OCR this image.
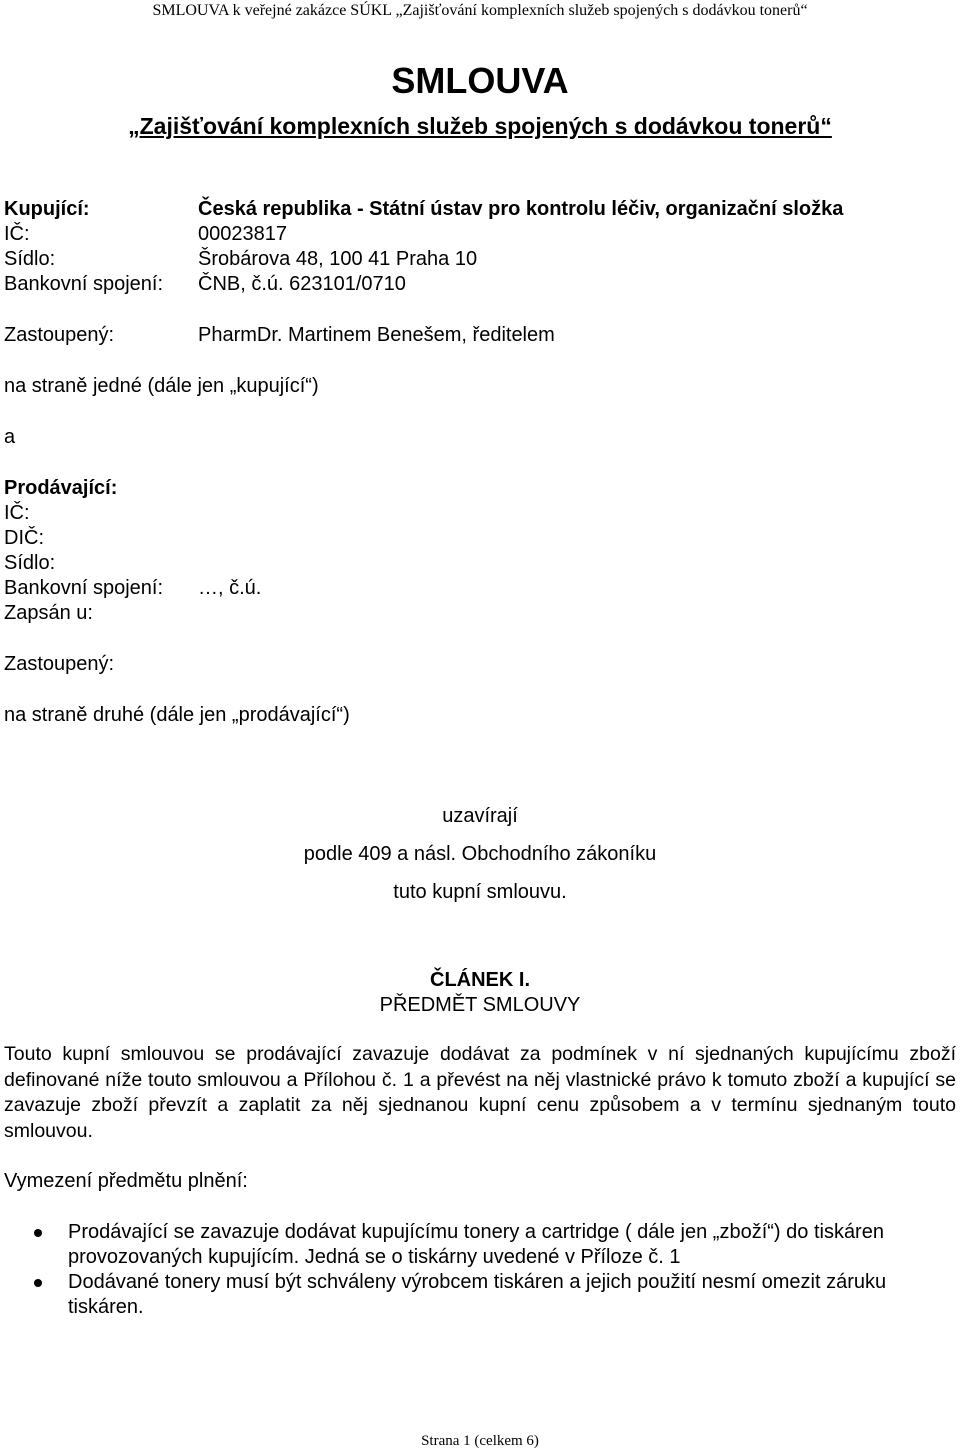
SMLOUVA k veřejné zakázce SÚKL „Zajišťování komplexních služeb spojených s dodávkou tonerů“
SMLOUVA
„Zajišťování komplexních služeb spojených s dodávkou tonerů“
Kupující:	Česká republika - Státní ústav pro kontrolu léčiv, organizační složka
IČ:	00023817
Sídlo:	Šrobárova 48, 100 41 Praha 10
Bankovní spojení: ČNB, č.ú. 623101/0710
Zastoupený:	PharmDr. Martinem Benešem, ředitelem
na straně jedné (dále jen „kupující“)
a
Prodávající:
IČ:
DIČ:
Sídlo:
Bankovní spojení: …, č.ú.
Zapsán u:
Zastoupený:
na straně druhé (dále jen „prodávající“)
uzavírají
podle 409 a násl. Obchodního zákoníku
tuto kupní smlouvu.
ČLÁNEK I.
PŘEDMĚT SMLOUVY
Touto kupní smlouvou se prodávající zavazuje dodávat za podmínek v ní sjednaných kupujícímu zboží definované níže touto smlouvou a Přílohou č. 1 a převést na něj vlastnické právo k tomuto zboží a kupující se zavazuje zboží převzít a zaplatit za něj sjednanou kupní cenu způsobem a v termínu sjednaným touto smlouvou.
Vymezení předmětu plnění:
Prodávající se zavazuje dodávat kupujícímu tonery a cartridge ( dále jen „zboží“) do tiskáren provozovaných kupujícím. Jedná se o tiskárny uvedené v Příloze č. 1
Dodávané tonery musí být schváleny výrobcem tiskáren a jejich použití nesmí omezit záruku tiskáren.
Strana 1 (celkem 6)
